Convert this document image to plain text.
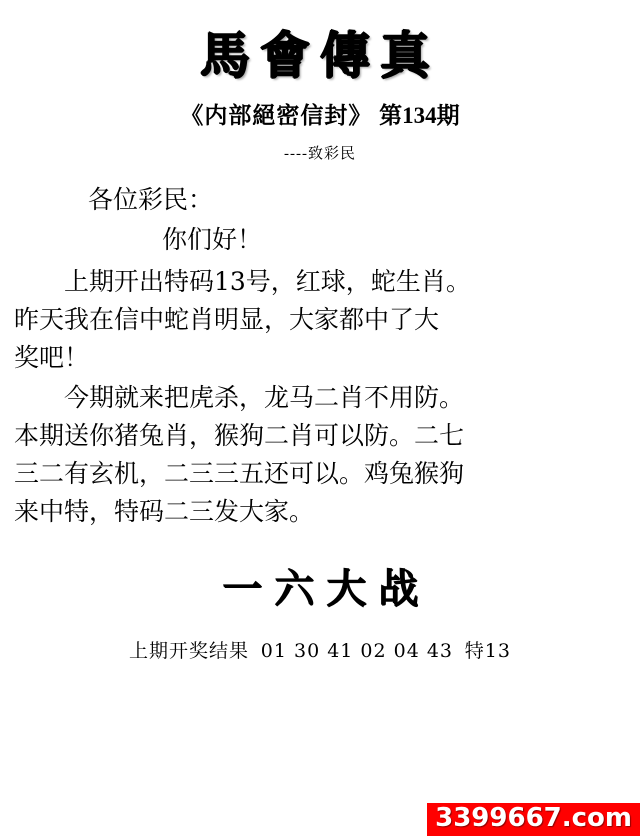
馬會傳真
《内部絕密信封》 第134期
----致彩民
各位彩民：
你们好！
上期开出特码13号，红球，蛇生肖。
昨天我在信中蛇肖明显，大家都中了大
奖吧！
今期就来把虎杀，龙马二肖不用防。
本期送你猪兔肖，猴狗二肖可以防。二七
三二有玄机，二三三五还可以。鸡兔猴狗
来中特，特码二三发大家。
一六大战
上期开奖结果 01 30 41 02 04 43 特13
3399667.com
